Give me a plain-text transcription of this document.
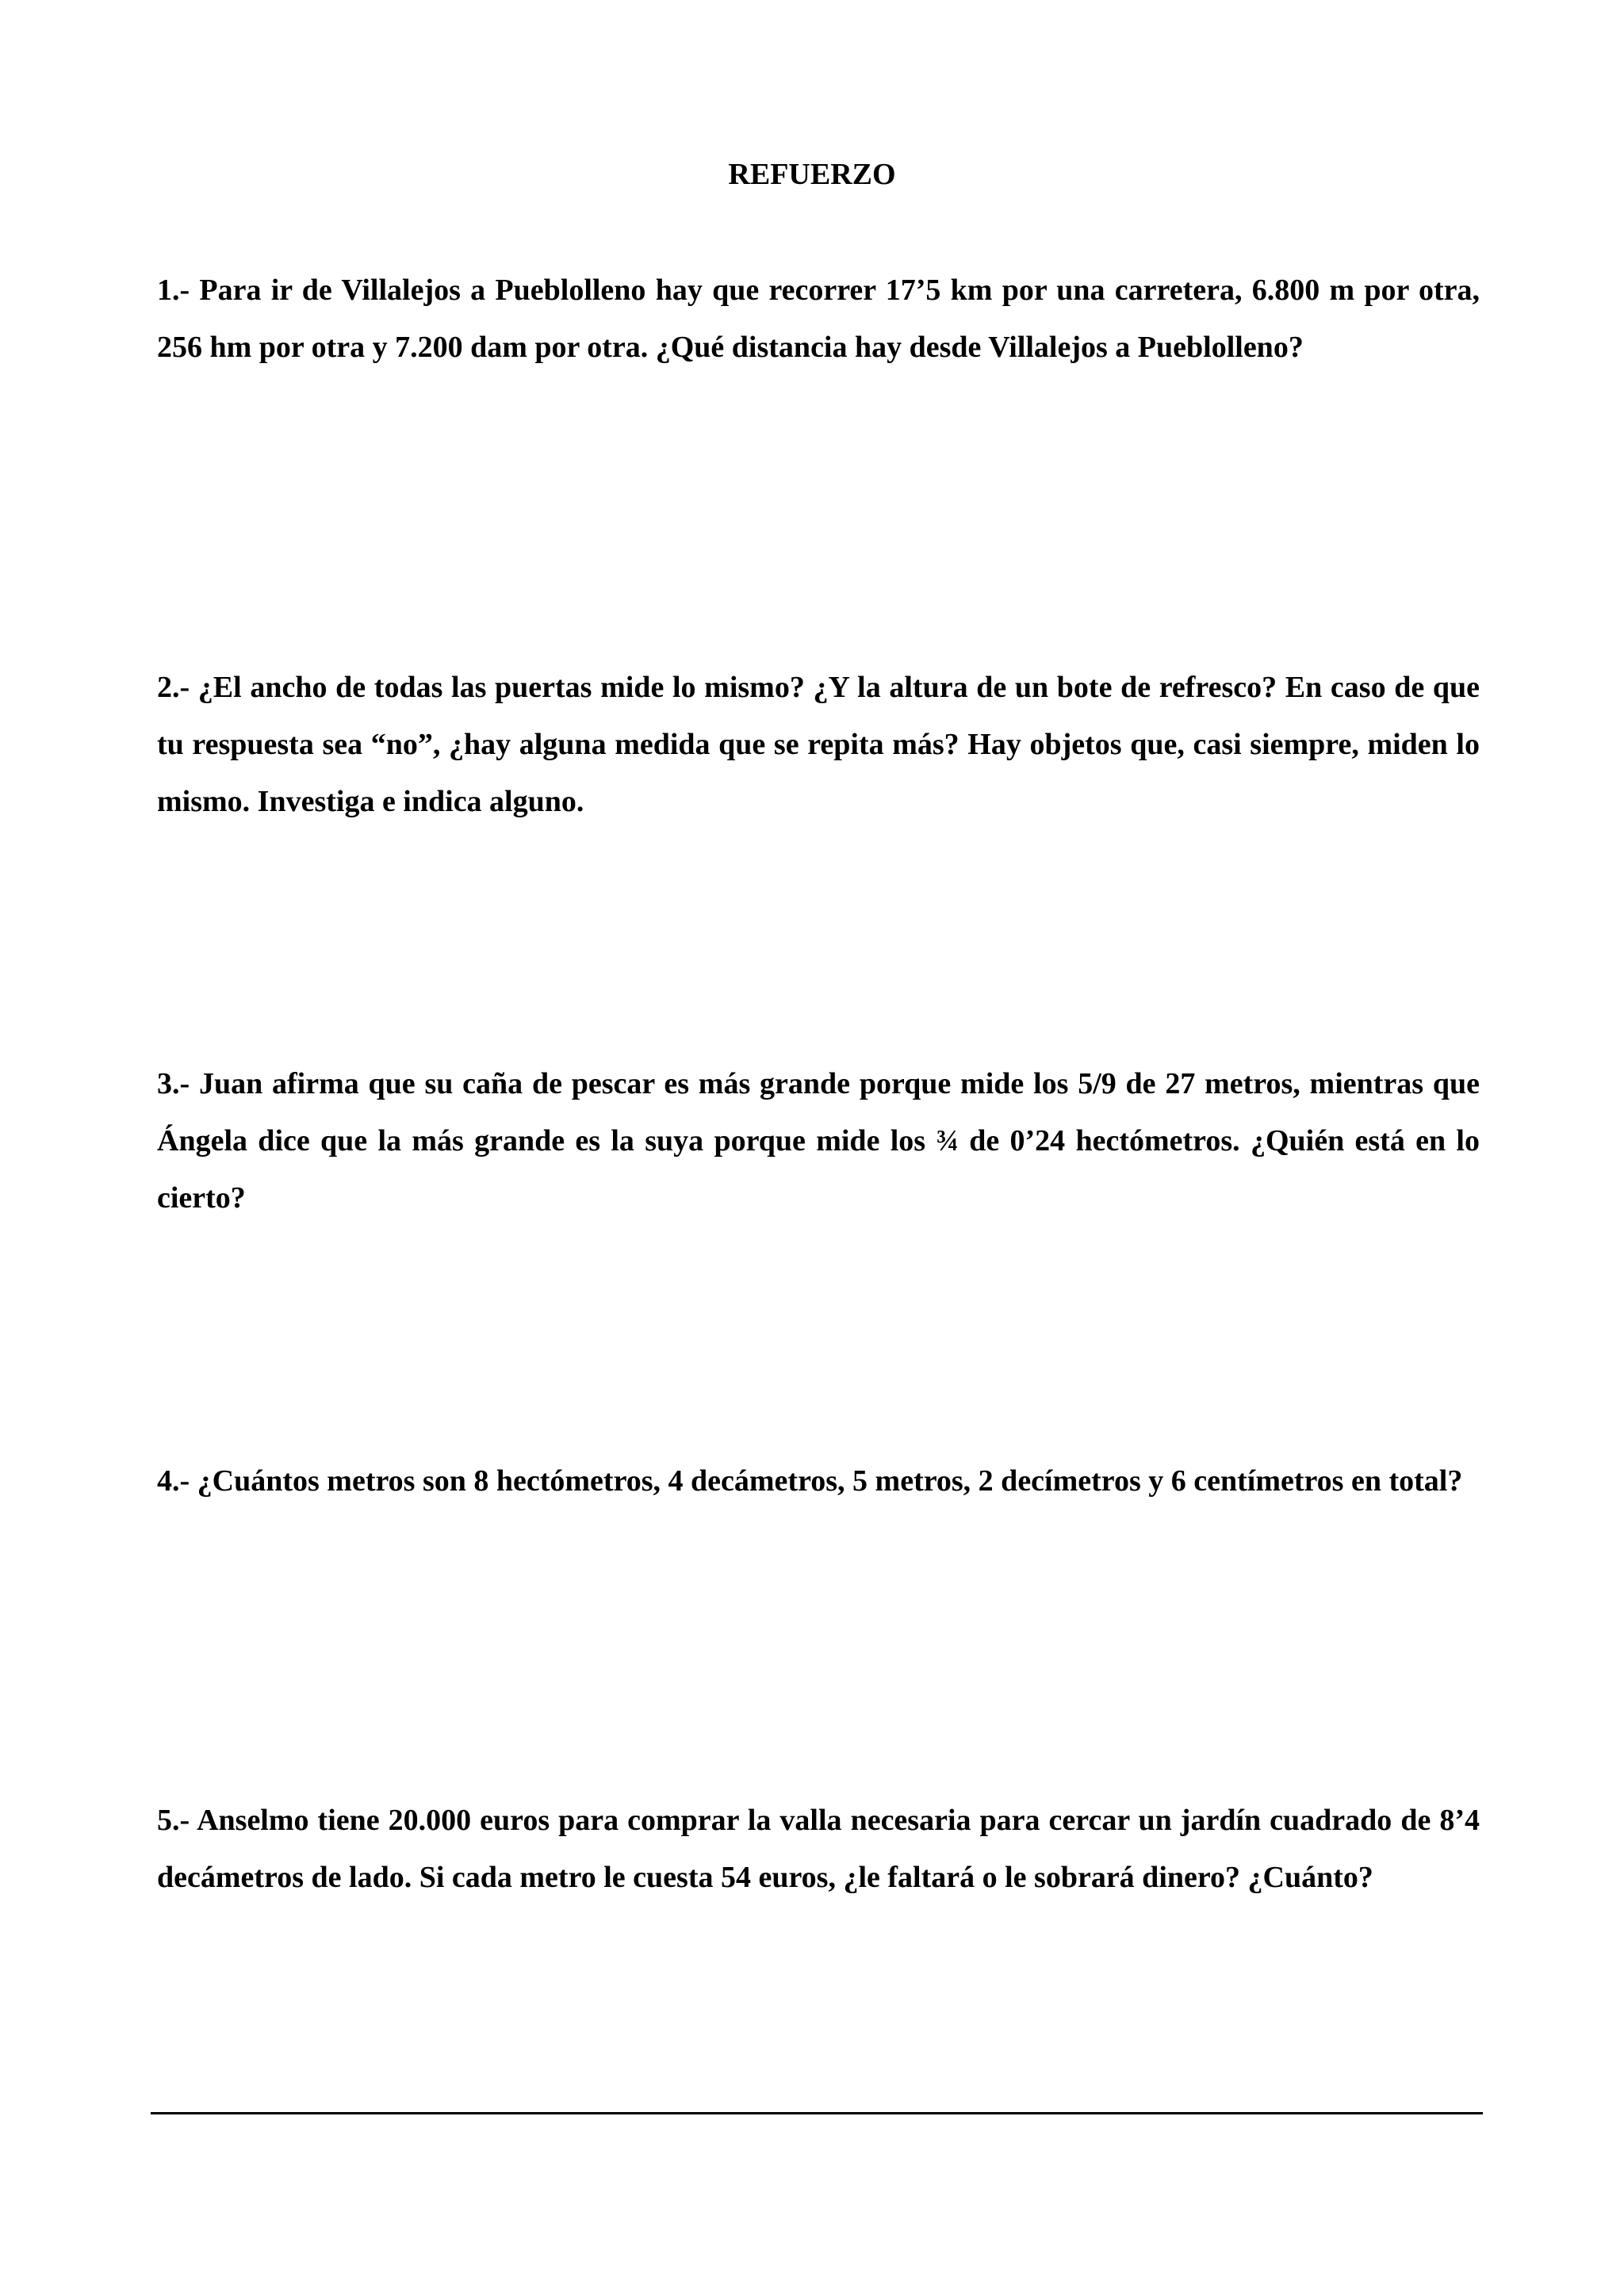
REFUERZO

1.- Para ir de Villalejos a Pueblolleno hay que recorrer 17’5 km por una carretera, 6.800 m por otra, 256 hm por otra y 7.200 dam por otra. ¿Qué distancia hay desde Villalejos a Pueblolleno?

2.- ¿El ancho de todas las puertas mide lo mismo? ¿Y la altura de un bote de refresco? En caso de que tu respuesta sea “no”, ¿hay alguna medida que se repita más? Hay objetos que, casi siempre, miden lo mismo. Investiga e indica alguno.

3.- Juan afirma que su caña de pescar es más grande porque mide los 5/9 de 27 metros, mientras que Ángela dice que la más grande es la suya porque mide los ¾ de 0’24 hectómetros. ¿Quién está en lo cierto?

4.- ¿Cuántos metros son 8 hectómetros, 4 decámetros, 5 metros, 2 decímetros y 6 centímetros en total?

5.- Anselmo tiene 20.000 euros para comprar la valla necesaria para cercar un jardín cuadrado de 8’4 decámetros de lado. Si cada metro le cuesta 54 euros, ¿le faltará o le sobrará dinero? ¿Cuánto?
